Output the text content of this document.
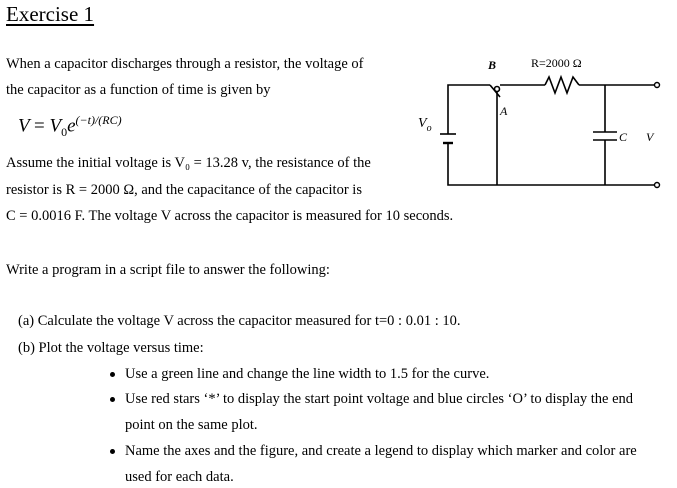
Exercise 1
When a capacitor discharges through a resistor, the voltage of
the capacitor as a function of time is given by
$V = V_0e^{(-t)/(RC)}$
Assume the initial voltage is V₀ = 13.28 v, the resistance of the
resistor is R = 2000 Ω, and the capacitance of the capacitor is
C = 0.0016 F. The voltage V across the capacitor is measured for 10 seconds.
Write a program in a script file to answer the following:
(a) Calculate the voltage V across the capacitor measured for t=0 : 0.01 : 10.
(b) Plot the voltage versus time:
Use a green line and change the line width to 1.5 for the curve.
Use red stars ‘*’ to display the start point voltage and blue circles ‘O’ to display the end
point on the same plot.
Name the axes and the figure, and create a legend to display which marker and color are
used for each data.
R=2000 Ω
B
A
$V_o$
C V
